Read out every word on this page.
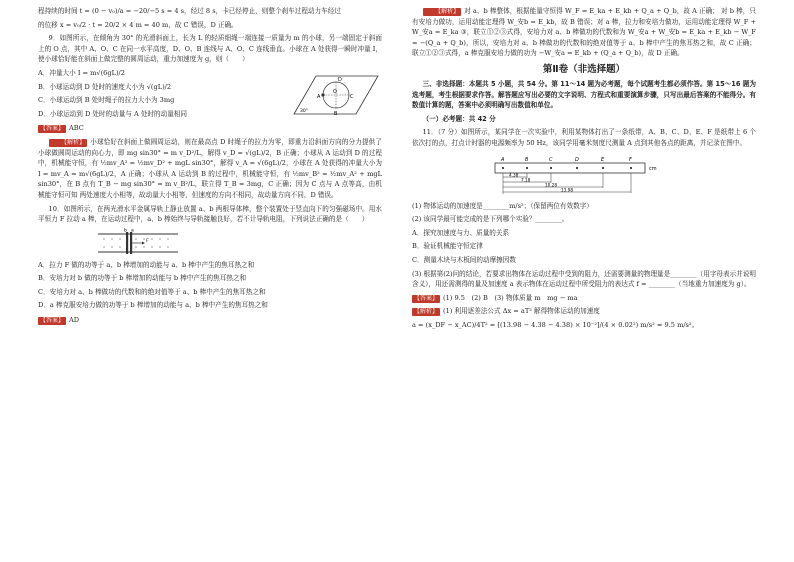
程持续的时间 t = (0 − v₀)/a = −20/−5 s = 4 s，经过 8 s，卡已经停止，则整个刹车过程动力车经过

的位移 x = v₀/2 · t = 20/2 × 4 m = 40 m，故 C 错误，D 正确。

9．如图所示，在倾角为 30° 的光滑斜面上，长为 L 的轻质细绳一端连接一质量为 m 的小球，另一端固定于斜面上的 O 点，其中 A、O、C 在同一水平高度，D、O、B 连线与 A、O、C 连线垂直。小球在 A 处获得一瞬时冲量 I，使小球恰好能在斜面上做完整的圆周运动，重力加速度为 g，则（　　）

O
A	C
B
D
30°

A．冲量大小 I = m√(6gL)/2

B．小球运动到 D 处时的速度大小为 √(gL)/2

C．小球运动到 B 处时绳子的拉力大小为 3mg

D．小球运动到 D 处时的动量与 A 处时的动量相同

【答案】 ABC

【解析】 小球恰好在斜面上做圆周运动，则在最高点 D 时绳子的拉力为零，即重力沿斜面方向的分力提供了小球做圆周运动的向心力，即 mg sin30° = m v_D²/L，解得 v_D = √(gL)/2，B 正确；小球从 A 运动到 D 的过程中，机械能守恒，有 ½mv_A² = ½mv_D² + mgL sin30°，解得 v_A = √(6gL)/2，小球在 A 处获得的冲量大小为 I = mv_A = m√(6gL)/2，A 正确；小球从 A 运动到 B 的过程中，机械能守恒，有 ½mv_B² = ½mv_A² + mgL sin30°，在 B 点有 T_B − mg sin30° = m v_B²/L，联立得 T_B = 3mg，C 正确；因为 C 点与 A 点等高，由机械能守恒可知 两处速度大小相等，故动量大小相等，但速度的方向不相同，故动量方向不同，D 错误。

10．如图所示，在两光滑水平金属导轨上静止放置 a、b 两根导体棒，整个装置处于竖直向下的匀强磁场中。用水平恒力 F 拉动 a 棒，在运动过程中，a、b 棒始终与导轨接触良好，若不计导轨电阻，下列说法正确的是（　　）

b a
F

A．拉力 F 做的功等于 a、b 棒增加的动能与 a、b 棒中产生的焦耳热之和

B．安培力对 b 做的功等于 b 棒增加的动能与 b 棒中产生的焦耳热之和

C．安培力对 a、b 棒做功的代数和的绝对值等于 a、b 棒中产生的焦耳热之和

D．a 棒克服安培力做的功等于 b 棒增加的动能与 a、b 棒中产生的焦耳热之和

【答案】 AD

【解析】 对 a、b 棒整体，根据能量守恒得 W_F = E_ka + E_kb + Q_a + Q_b，故 A 正确； 对 b 棒，只有安培力做功，运用动能定理得 W_安b = E_kb，故 B 错误；对 a 棒，拉力和安培力做功，运用动能定理得 W_F + W_安a = E_ka ③，联立①②③式得，安培力对 a、b 棒做功的代数和为 W_安a + W_安b = E_ka + E_kb − W_F = −(Q_a + Q_b)，所以，安培力对 a、b 棒做功的代数和的绝对值等于 a、b 棒中产生的焦耳热之和，故 C 正确；联立①②③式得，a 棒克服安培力做的功为 −W_安a = E_kb + (Q_a + Q_b)，故 D 正确。

第Ⅱ卷（非选择题）

三、非选择题：本题共 5 小题，共 54 分。第 11～14 题为必考题，每个试题考生都必须作答。第 15～16 题为选考题，考生根据要求作答。解答题应写出必要的文字说明、方程式和重要演算步骤，只写出最后答案的不能得分。有数值计算的题，答案中必须明确写出数值和单位。

（一）必考题：共 42 分

11．（7 分）如图所示，某同学在一次实验中，利用某物体打出了一条纸带，A、B、C、D、E、F 是纸带上 6 个依次打的点，打点计时器的电源频率为 50 Hz，该同学用毫米刻度尺测量 A 点到其他各点的距离，并记录在图中。

A	B	C	D	E	F
cm
4.38
7.18
10.28
13.98

(1) 物体运动的加速度是________m/s²；（保留两位有效数字）

(2) 该同学最可能完成的是下列哪个实验？________。

A．探究加速度与力、质量的关系

B．验证机械能守恒定律

C．测量木块与木板间的动摩擦因数

(3) 根据第(2)问的结论，若要求出物体在运动过程中受到的阻力，还需要测量的物理量是________（用字母表示并说明含义），用还需测得的量及加速度 a 表示物体在运动过程中所受阻力的表达式 f = ________（当地重力加速度为 g）。

【答案】 (1) 9.5　(2) B　(3) 物体质量 m　mg − ma

【解析】 (1) 利用逐差法公式 Δx = aT² 解得物体运动的加速度

a = (x_DF − x_AC)/4T² = [(13.98 − 4.38 − 4.38) × 10⁻²]/(4 × 0.02²) m/s² ≈ 9.5 m/s²。
